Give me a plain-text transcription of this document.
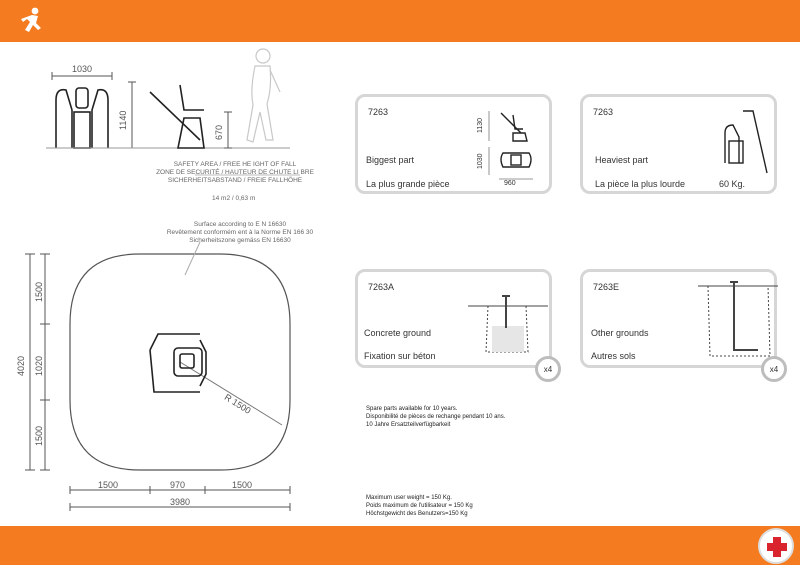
1030
1140
670
SAFETY AREA / FREE HE IGHT OF FALL
ZONE DE SECURITÉ / HAUTEUR DE CHUTE LI BRE
SICHERHEITSABSTAND / FREIE FALLHÖHE
14 m2 / 0,63 m
Surface according to E N 16630
Revêtement conformém ent à la Norme EN 166 30
Sicherheitszone gemäss EN 16630
R 1500
4020
1500
1020
1500
1500	970	1500
3980
7263
Biggest part
La plus grande pièce
1130
1030
960
7263
Heaviest part
La pièce la plus lourde	60 Kg.
7263A
Concrete ground
Fixation sur béton
x4
7263E
Other grounds
Autres sols
x4
Spare parts available for 10 years.
Disponibilité de pièces de rechange pendant 10 ans.
10 Jahre Ersatzteilverfügbarkeit
Maximum user weight = 150 Kg.
Poids maximum de l'utilisateur = 150 Kg
Höchstgewicht des Benutzers=150 Kg
